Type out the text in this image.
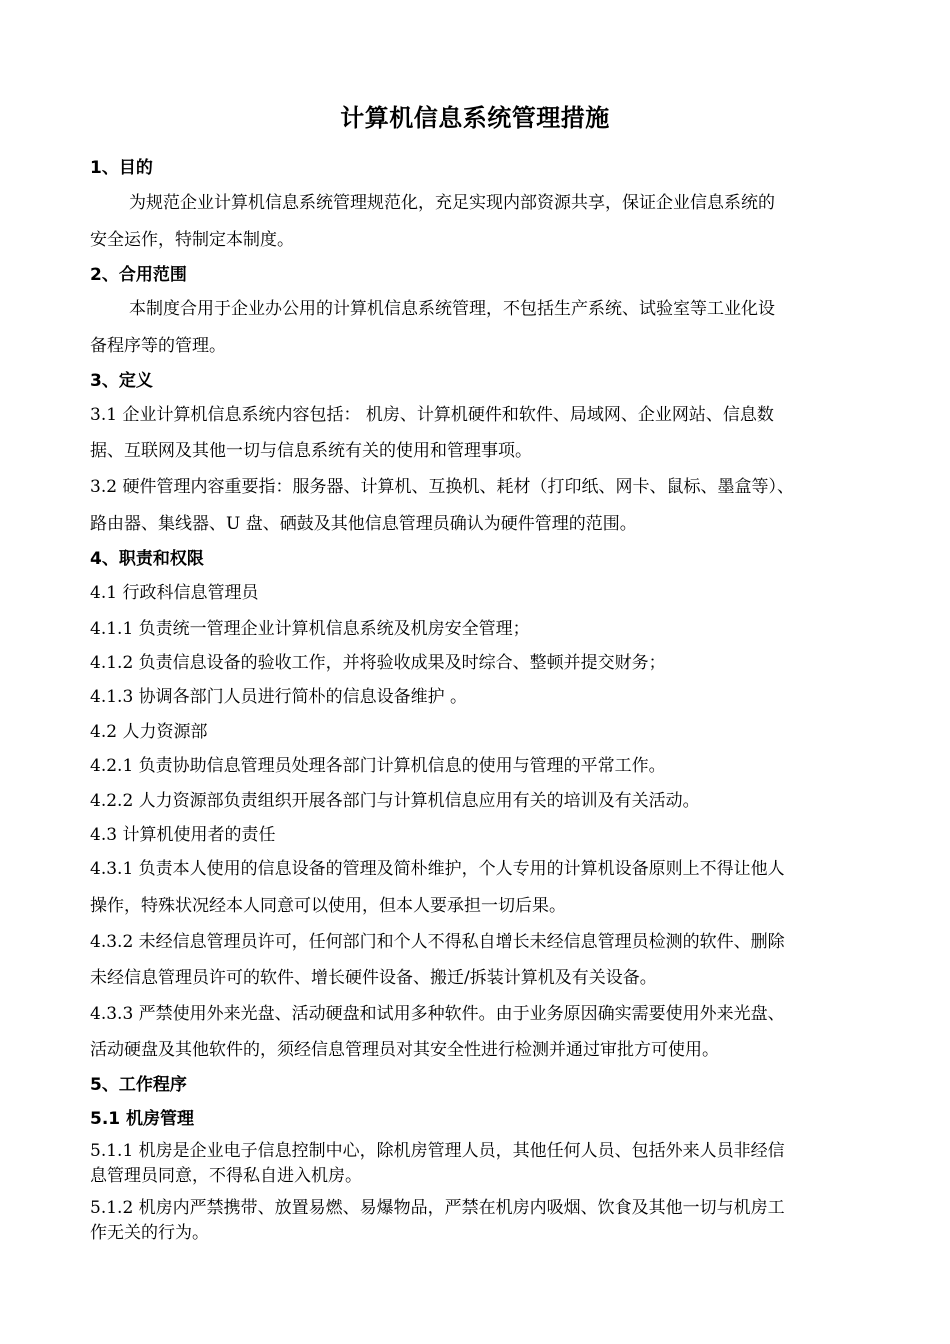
计算机信息系统管理措施

1、目的

为规范企业计算机信息系统管理规范化，充足实现内部资源共享，保证企业信息系统的

安全运作，特制定本制度。

2、合用范围

本制度合用于企业办公用的计算机信息系统管理，不包括生产系统、试验室等工业化设

备程序等的管理。

3、定义

3.1 企业计算机信息系统内容包括： 机房、计算机硬件和软件、局域网、企业网站、信息数

据、互联网及其他一切与信息系统有关的使用和管理事项。

3.2 硬件管理内容重要指：服务器、计算机、互换机、耗材（打印纸、网卡、鼠标、墨盒等）、

路由器、集线器、U 盘、硒鼓及其他信息管理员确认为硬件管理的范围。

4、职责和权限

4.1 行政科信息管理员

4.1.1 负责统一管理企业计算机信息系统及机房安全管理；

4.1.2 负责信息设备的验收工作，并将验收成果及时综合、整顿并提交财务；

4.1.3 协调各部门人员进行简朴的信息设备维护 。

4.2 人力资源部

4.2.1 负责协助信息管理员处理各部门计算机信息的使用与管理的平常工作。

4.2.2 人力资源部负责组织开展各部门与计算机信息应用有关的培训及有关活动。

4.3 计算机使用者的责任

4.3.1 负责本人使用的信息设备的管理及简朴维护，个人专用的计算机设备原则上不得让他人

操作，特殊状况经本人同意可以使用，但本人要承担一切后果。

4.3.2 未经信息管理员许可，任何部门和个人不得私自增长未经信息管理员检测的软件、删除

未经信息管理员许可的软件、增长硬件设备、搬迁/拆装计算机及有关设备。

4.3.3 严禁使用外来光盘、活动硬盘和试用多种软件。由于业务原因确实需要使用外来光盘、

活动硬盘及其他软件的，须经信息管理员对其安全性进行检测并通过审批方可使用。

5、工作程序

5.1 机房管理

5.1.1 机房是企业电子信息控制中心，除机房管理人员，其他任何人员、包括外来人员非经信

息管理员同意，不得私自进入机房。

5.1.2 机房内严禁携带、放置易燃、易爆物品，严禁在机房内吸烟、饮食及其他一切与机房工

作无关的行为。
